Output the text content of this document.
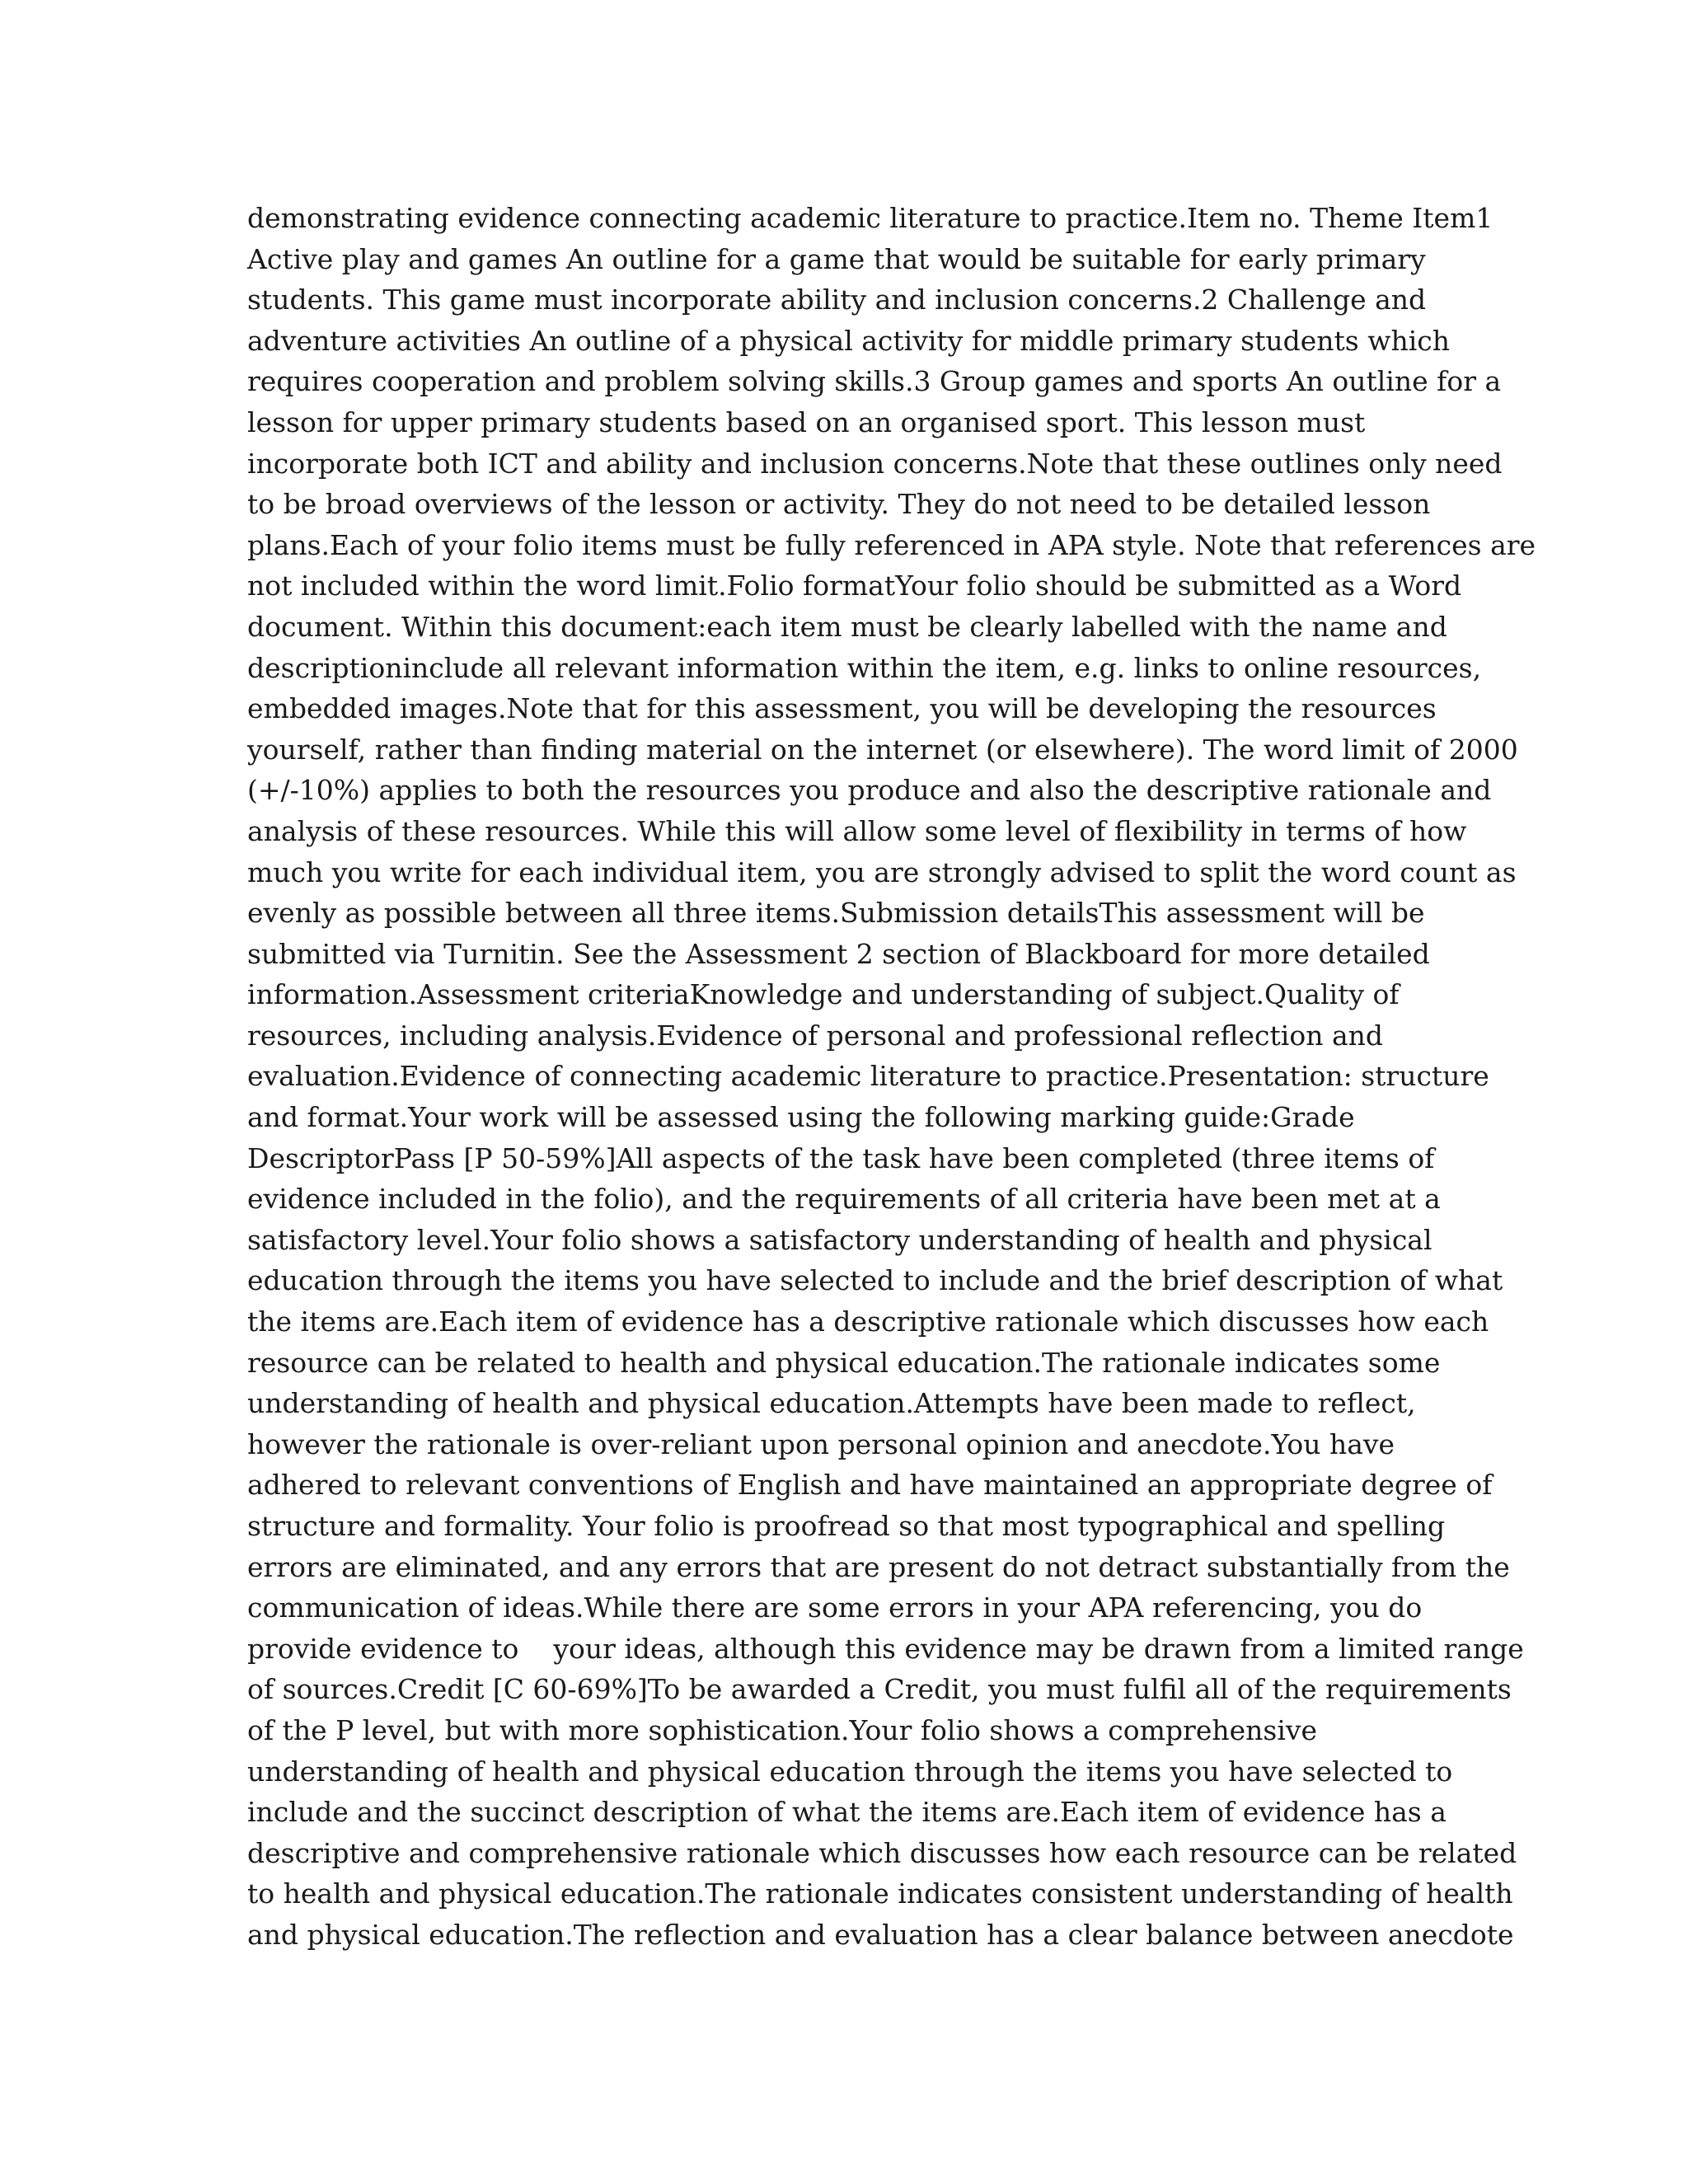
demonstrating evidence connecting academic literature to practice.Item no. Theme Item1
Active play and games An outline for a game that would be suitable for early primary
students. This game must incorporate ability and inclusion concerns.2 Challenge and
adventure activities An outline of a physical activity for middle primary students which
requires cooperation and problem solving skills.3 Group games and sports An outline for a
lesson for upper primary students based on an organised sport. This lesson must
incorporate both ICT and ability and inclusion concerns.Note that these outlines only need
to be broad overviews of the lesson or activity. They do not need to be detailed lesson
plans.Each of your folio items must be fully referenced in APA style. Note that references are
not included within the word limit.Folio formatYour folio should be submitted as a Word
document. Within this document:each item must be clearly labelled with the name and
descriptioninclude all relevant information within the item, e.g. links to online resources,
embedded images.Note that for this assessment, you will be developing the resources
yourself, rather than finding material on the internet (or elsewhere). The word limit of 2000
(+/-10%) applies to both the resources you produce and also the descriptive rationale and
analysis of these resources. While this will allow some level of flexibility in terms of how
much you write for each individual item, you are strongly advised to split the word count as
evenly as possible between all three items.Submission detailsThis assessment will be
submitted via Turnitin. See the Assessment 2 section of Blackboard for more detailed
information.Assessment criteriaKnowledge and understanding of subject.Quality of
resources, including analysis.Evidence of personal and professional reflection and
evaluation.Evidence of connecting academic literature to practice.Presentation: structure
and format.Your work will be assessed using the following marking guide:Grade
DescriptorPass [P 50-59%]All aspects of the task have been completed (three items of
evidence included in the folio), and the requirements of all criteria have been met at a
satisfactory level.Your folio shows a satisfactory understanding of health and physical
education through the items you have selected to include and the brief description of what
the items are.Each item of evidence has a descriptive rationale which discusses how each
resource can be related to health and physical education.The rationale indicates some
understanding of health and physical education.Attempts have been made to reflect,
however the rationale is over-reliant upon personal opinion and anecdote.You have
adhered to relevant conventions of English and have maintained an appropriate degree of
structure and formality. Your folio is proofread so that most typographical and spelling
errors are eliminated, and any errors that are present do not detract substantially from the
communication of ideas.While there are some errors in your APA referencing, you do
provide evidence to    your ideas, although this evidence may be drawn from a limited range
of sources.Credit [C 60-69%]To be awarded a Credit, you must fulfil all of the requirements
of the P level, but with more sophistication.Your folio shows a comprehensive
understanding of health and physical education through the items you have selected to
include and the succinct description of what the items are.Each item of evidence has a
descriptive and comprehensive rationale which discusses how each resource can be related
to health and physical education.The rationale indicates consistent understanding of health
and physical education.The reflection and evaluation has a clear balance between anecdote
